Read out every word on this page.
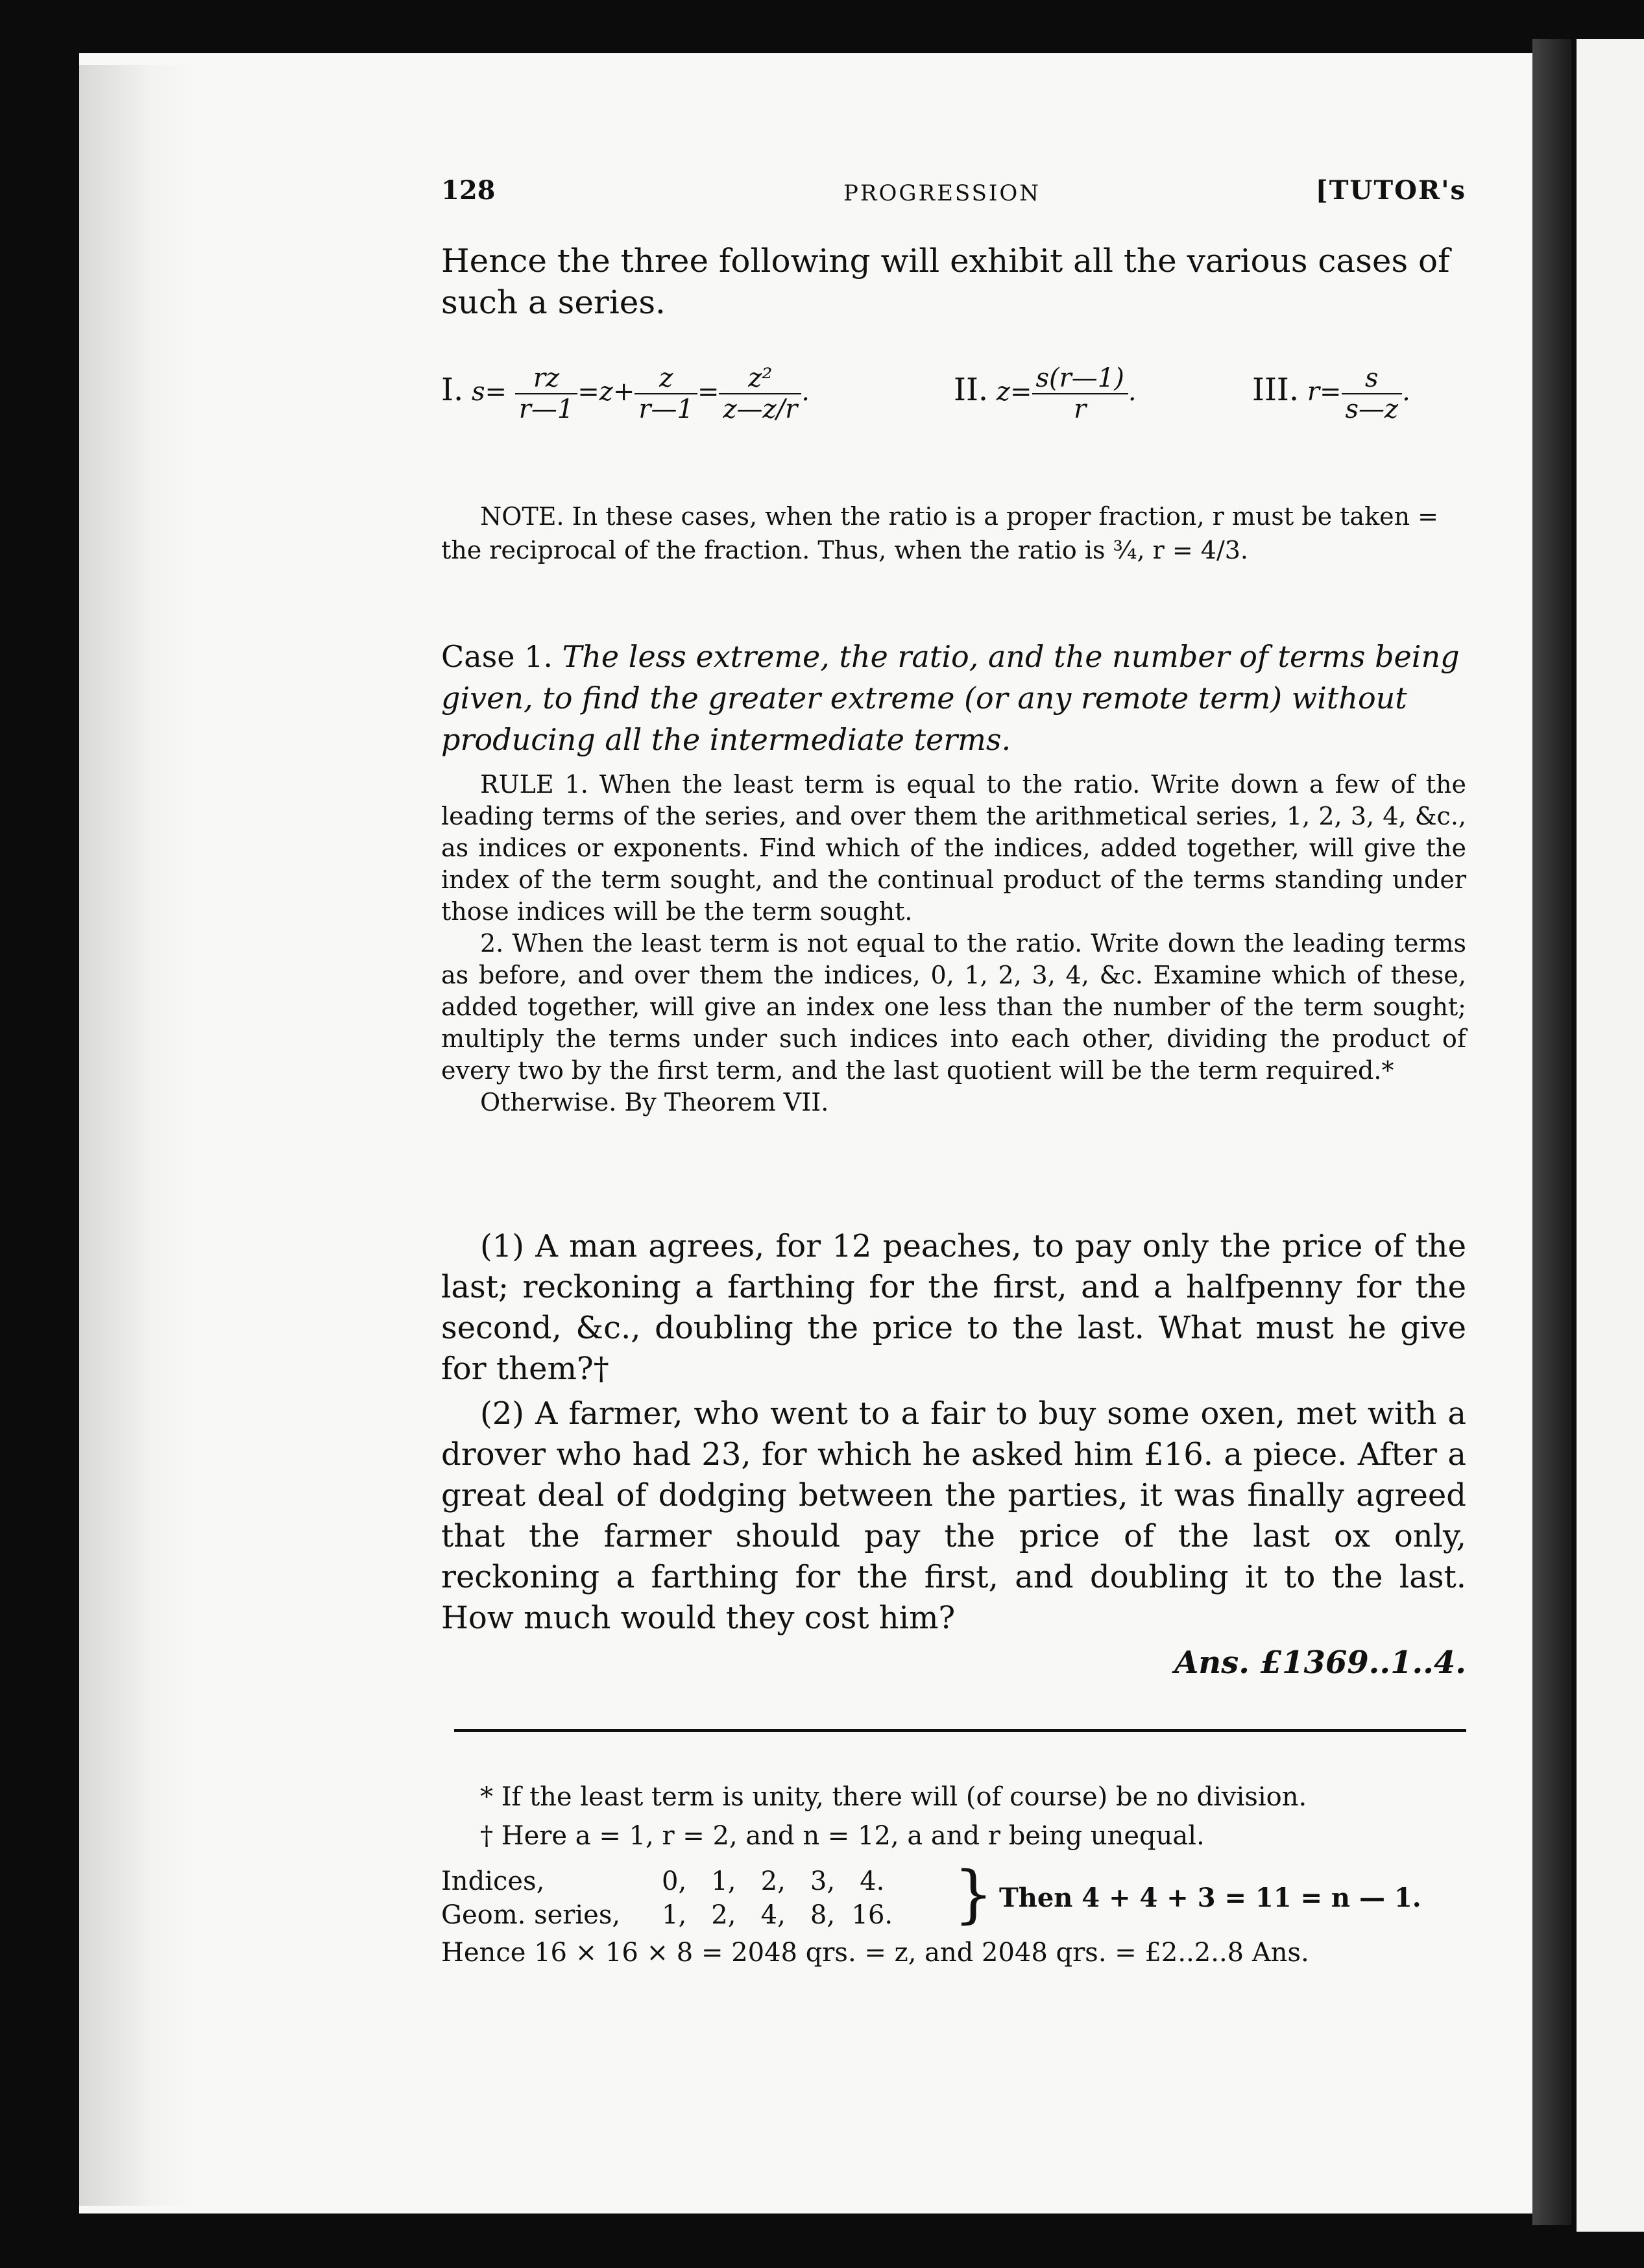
128	PROGRESSION	[TUTOR's
Hence the three following will exhibit all the various cases of such a series.
I. $s= \frac{rz}{r—1} =z+ \frac{z}{r—1} = \frac{\text{z²}}{z—z/r}$ .	II. $z= \frac{s(r—1)}{r}$ .	III. $r= \frac{s}{s—z}$ .
NOTE. In these cases, when the ratio is a proper fraction, r must be taken = the reciprocal of the fraction. Thus, when the ratio is ¾, r = 4/3.
Case 1. The less extreme, the ratio, and the number of terms being given, to find the greater extreme (or any remote term) without producing all the intermediate terms.

RULE 1. When the least term is equal to the ratio. Write down a few of the leading terms of the series, and over them the arithmetical series, 1, 2, 3, 4, &c., as indices or exponents. Find which of the indices, added together, will give the index of the term sought, and the continual product of the terms standing under those indices will be the term sought.

2. When the least term is not equal to the ratio. Write down the leading terms as before, and over them the indices, 0, 1, 2, 3, 4, &c. Examine which of these, added together, will give an index one less than the number of the term sought; multiply the terms under such indices into each other, dividing the product of every two by the first term, and the last quotient will be the term required.*

Otherwise. By Theorem VII.

(1) A man agrees, for 12 peaches, to pay only the price of the last; reckoning a farthing for the first, and a halfpenny for the second, &c., doubling the price to the last. What must he give for them?†

(2) A farmer, who went to a fair to buy some oxen, met with a drover who had 23, for which he asked him £16. a piece. After a great deal of dodging between the parties, it was finally agreed that the farmer should pay the price of the last ox only, reckoning a farthing for the first, and doubling it to the last. How much would they cost him?

Ans. £1369..1..4.

* If the least term is unity, there will (of course) be no division.

† Here a = 1, r = 2, and n = 12, a and r being unequal.

Indices,	0,   1,   2,   3,   4.
Geom. series, 1,   2,   4,   8,  16. } Then 4 + 4 + 3 = 11 = n — 1.

Hence 16 × 16 × 8 = 2048 qrs. = z, and 2048 qrs. = £2..2..8 Ans.
